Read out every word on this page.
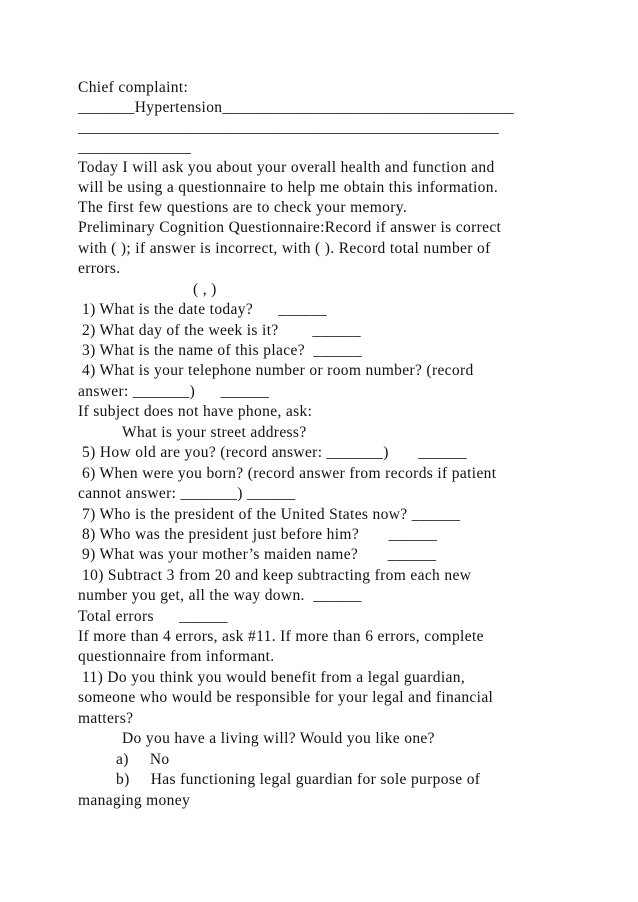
Chief complaint:
_______Hypertension____________________________________
____________________________________________________
______________
Today I will ask you about your overall health and function and
will be using a questionnaire to help me obtain this information.
The first few questions are to check your memory.
Preliminary Cognition Questionnaire:Record if answer is correct
with ( ); if answer is incorrect, with ( ). Record total number of
errors.
( , )
1) What is the date today?      ______
2) What day of the week is it?        ______
3) What is the name of this place?  ______
4) What is your telephone number or room number? (record
answer: _______)      ______
If subject does not have phone, ask:
What is your street address?
5) How old are you? (record answer: _______)       ______
6) When were you born? (record answer from records if patient
cannot answer: _______) ______
7) Who is the president of the United States now? ______
8) Who was the president just before him?       ______
9) What was your mother’s maiden name?       ______
10) Subtract 3 from 20 and keep subtracting from each new
number you get, all the way down.  ______
Total errors      ______
If more than 4 errors, ask #11. If more than 6 errors, complete
questionnaire from informant.
11) Do you think you would benefit from a legal guardian,
someone who would be responsible for your legal and financial
matters?
Do you have a living will? Would you like one?
a)     No
b)     Has functioning legal guardian for sole purpose of
managing money
